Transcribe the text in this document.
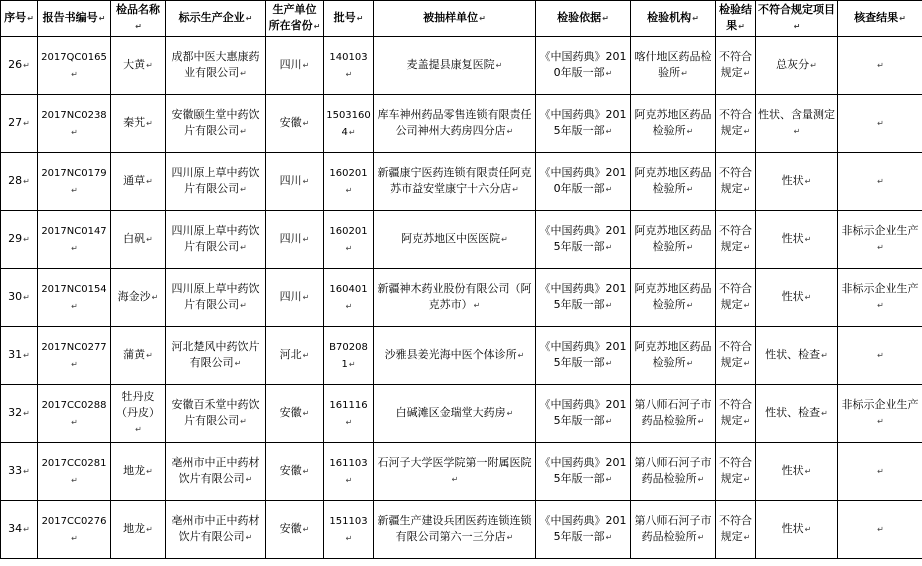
序号↵	报告书编号↵	检品名称↵	标示生产企业↵	生产单位所在省份↵	批号↵	被抽样单位↵	检验依据↵	检验机构↵	检验结果↵	不符合规定项目↵	核查结果↵
26↵	2017QC0165↵	大黄↵	成都中医大惠康药业有限公司↵	四川↵	140103↵	麦盖提县康复医院↵	《中国药典》2010年版一部↵	喀什地区药品检验所↵	不符合规定↵	总灰分↵	↵
27↵	2017NC0238↵	秦艽↵	安徽颐生堂中药饮片有限公司↵	安徽↵	15031604↵	库车神州药品零售连锁有限责任公司神州大药房四分店↵	《中国药典》2015年版一部↵	阿克苏地区药品检验所↵	不符合规定↵	性状、含量测定↵	↵
28↵	2017NC0179↵	通草↵	四川原上草中药饮片有限公司↵	四川↵	160201↵	新疆康宁医药连锁有限责任阿克苏市益安堂康宁十六分店↵	《中国药典》2010年版一部↵	阿克苏地区药品检验所↵	不符合规定↵	性状↵	↵
29↵	2017NC0147↵	白矾↵	四川原上草中药饮片有限公司↵	四川↵	160201↵	阿克苏地区中医医院↵	《中国药典》2015年版一部↵	阿克苏地区药品检验所↵	不符合规定↵	性状↵	非标示企业生产↵
30↵	2017NC0154↵	海金沙↵	四川原上草中药饮片有限公司↵	四川↵	160401↵	新疆神木药业股份有限公司（阿克苏市）↵	《中国药典》2015年版一部↵	阿克苏地区药品检验所↵	不符合规定↵	性状↵	非标示企业生产↵
31↵	2017NC0277↵	蒲黄↵	河北楚风中药饮片有限公司↵	河北↵	B702081↵	沙雅县姜光海中医个体诊所↵	《中国药典》2015年版一部↵	阿克苏地区药品检验所↵	不符合规定↵	性状、检查↵	↵
32↵	2017CC0288↵	牡丹皮（丹皮）↵	安徽百禾堂中药饮片有限公司↵	安徽↵	161116↵	白碱滩区金瑞堂大药房↵	《中国药典》2015年版一部↵	第八师石河子市药品检验所↵	不符合规定↵	性状、检查↵	非标示企业生产↵
33↵	2017CC0281↵	地龙↵	亳州市中正中药材饮片有限公司↵	安徽↵	161103↵	石河子大学医学院第一附属医院↵	《中国药典》2015年版一部↵	第八师石河子市药品检验所↵	不符合规定↵	性状↵	↵
34↵	2017CC0276↵	地龙↵	亳州市中正中药材饮片有限公司↵	安徽↵	151103↵	新疆生产建设兵团医药连锁连锁有限公司第六一三分店↵	《中国药典》2015年版一部↵	第八师石河子市药品检验所↵	不符合规定↵	性状↵	↵
